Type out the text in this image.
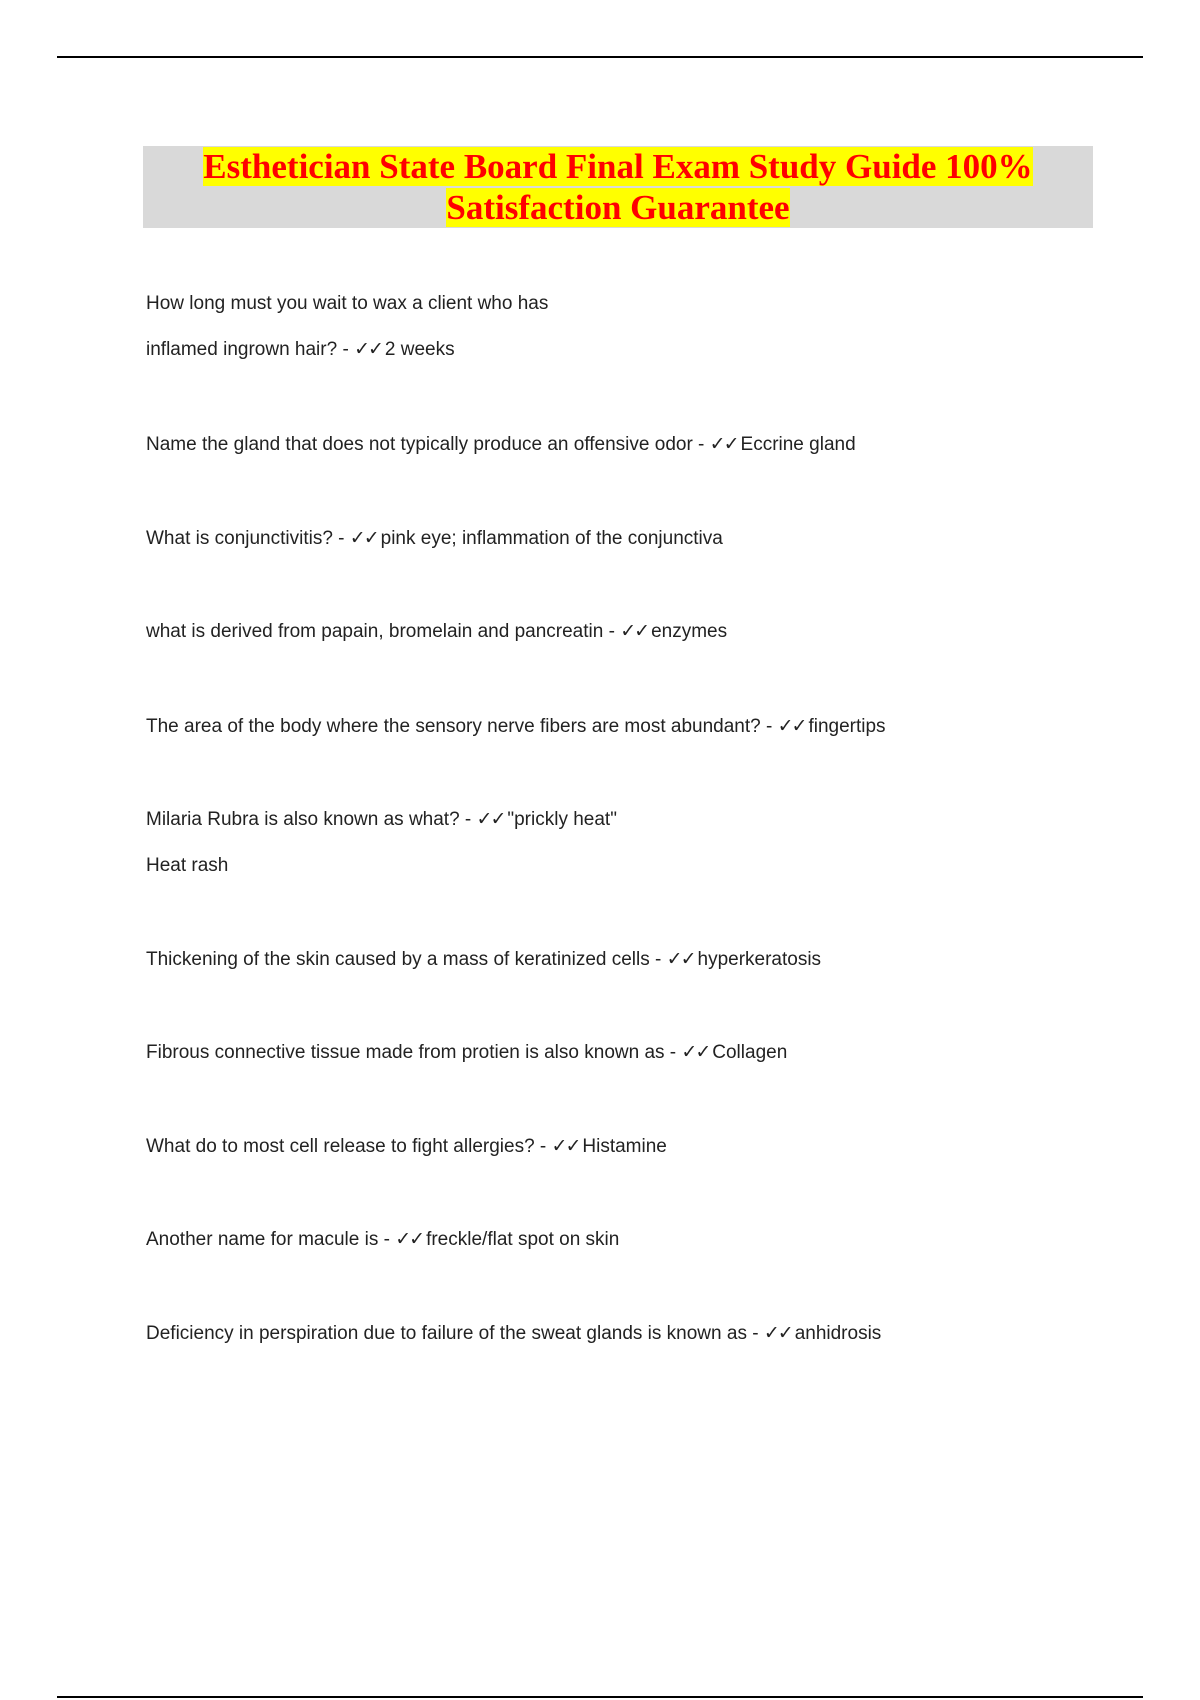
Esthetician State Board Final Exam Study Guide 100%
Satisfaction Guarantee
How long must you wait to wax a client who has
inflamed ingrown hair? - ✓✓ 2 weeks
Name the gland that does not typically produce an offensive odor - ✓✓ Eccrine gland
What is conjunctivitis? - ✓✓ pink eye; inflammation of the conjunctiva
what is derived from papain, bromelain and pancreatin - ✓✓ enzymes
The area of the body where the sensory nerve fibers are most abundant? - ✓✓ fingertips
Milaria Rubra is also known as what? - ✓✓ "prickly heat"
Heat rash
Thickening of the skin caused by a mass of keratinized cells - ✓✓ hyperkeratosis
Fibrous connective tissue made from protien is also known as - ✓✓ Collagen
What do to most cell release to fight allergies? - ✓✓ Histamine
Another name for macule is - ✓✓ freckle/flat spot on skin
Deficiency in perspiration due to failure of the sweat glands is known as - ✓✓ anhidrosis
